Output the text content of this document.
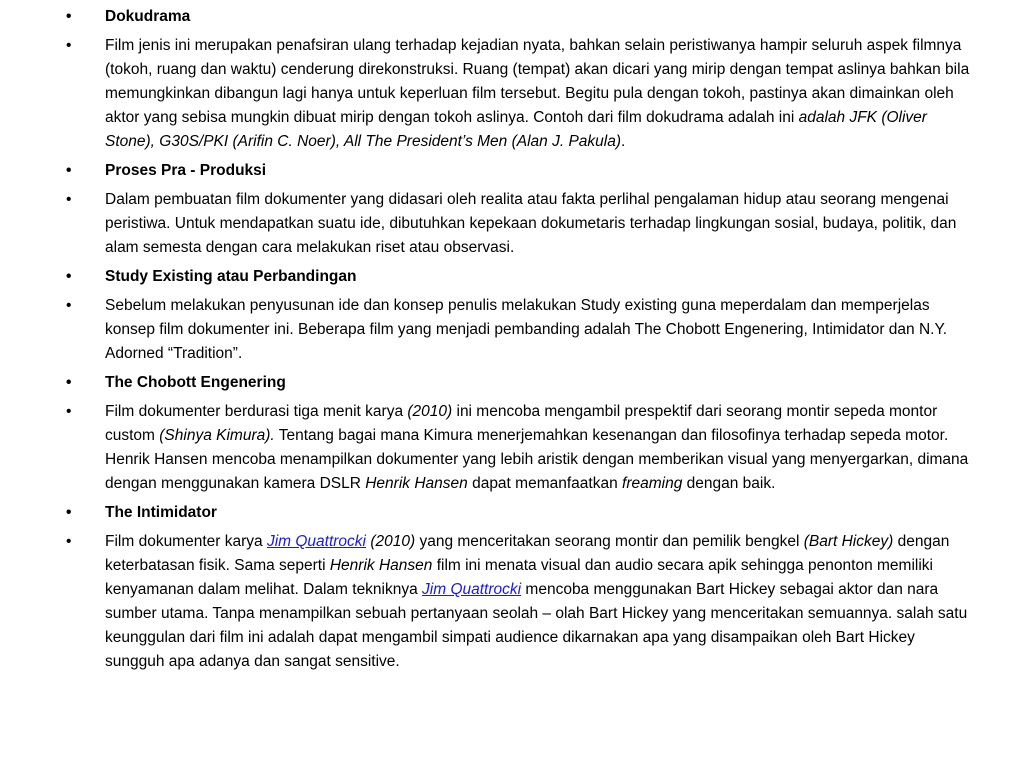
• Dokudrama
• Film jenis ini merupakan penafsiran ulang terhadap kejadian nyata, bahkan selain peristiwanya hampir seluruh aspek filmnya (tokoh, ruang dan waktu) cenderung direkonstruksi. Ruang (tempat) akan dicari yang mirip dengan tempat aslinya bahkan bila memungkinkan dibangun lagi hanya untuk keperluan film tersebut. Begitu pula dengan tokoh, pastinya akan dimainkan oleh aktor yang sebisa mungkin dibuat mirip dengan tokoh aslinya. Contoh dari film dokudrama adalah ini adalah JFK (Oliver Stone), G30S/PKI (Arifin C. Noer), All The President’s Men (Alan J. Pakula).
• Proses Pra - Produksi
• Dalam pembuatan film dokumenter yang didasari oleh realita atau fakta perlihal pengalaman hidup atau seorang mengenai peristiwa. Untuk mendapatkan suatu ide, dibutuhkan kepekaan dokumetaris terhadap lingkungan sosial, budaya, politik, dan alam semesta dengan cara melakukan riset atau observasi.
• Study Existing atau Perbandingan
• Sebelum melakukan penyusunan ide dan konsep penulis melakukan Study existing guna meperdalam dan memperjelas konsep film dokumenter ini. Beberapa film yang menjadi pembanding adalah The Chobott Engenering, Intimidator dan N.Y. Adorned “Tradition”.
• The Chobott Engenering
• Film dokumenter berdurasi tiga menit karya (2010) ini mencoba mengambil prespektif dari seorang montir sepeda montor custom (Shinya Kimura). Tentang bagai mana Kimura menerjemahkan kesenangan dan filosofinya terhadap sepeda motor. Henrik Hansen mencoba menampilkan dokumenter yang lebih aristik dengan memberikan visual yang menyergarkan, dimana dengan menggunakan kamera DSLR Henrik Hansen dapat memanfaatkan freaming dengan baik.
• The Intimidator
• Film dokumenter karya Jim Quattrocki (2010) yang menceritakan seorang montir dan pemilik bengkel (Bart Hickey) dengan keterbatasan fisik. Sama seperti Henrik Hansen film ini menata visual dan audio secara apik sehingga penonton memiliki kenyamanan dalam melihat. Dalam tekniknya Jim Quattrocki mencoba menggunakan Bart Hickey sebagai aktor dan nara sumber utama. Tanpa menampilkan sebuah pertanyaan seolah – olah Bart Hickey yang menceritakan semuannya. salah satu keunggulan dari film ini adalah dapat mengambil simpati audience dikarnakan apa yang disampaikan oleh Bart Hickey sungguh apa adanya dan sangat sensitive.
